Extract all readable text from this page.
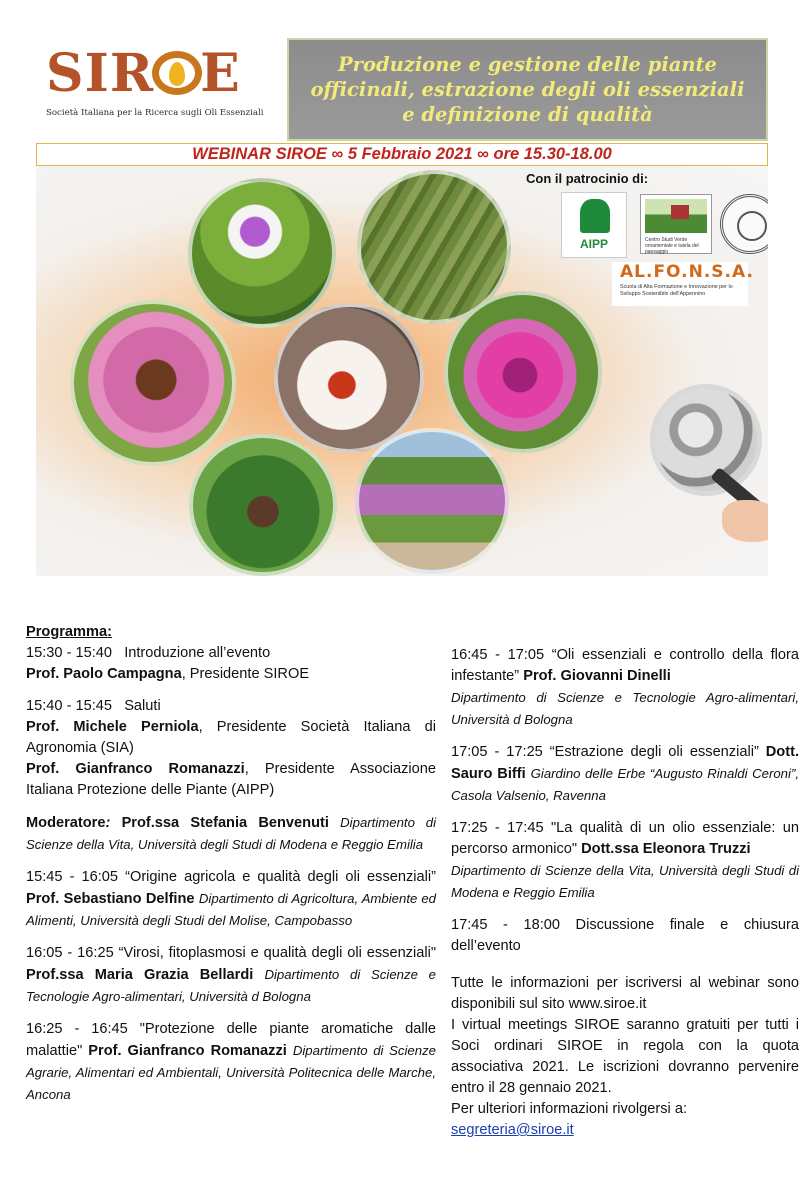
SIR E
Società Italiana per la Ricerca sugli Oli Essenziali
Produzione e gestione delle piante officinali, estrazione degli oli essenziali e definizione di qualità
WEBINAR SIROE ∞ 5 Febbraio 2021 ∞ ore 15.30-18.00
Con il patrocinio di:
AIPP	Centro Studi Verde ornamentale e tutela del paesaggio
AL.FO.N.S.A.
Scuola di Alta Formazione e Innovazione per lo Sviluppo Sostenibile dell'Appennino

Programma:

15:30 - 15:40 Introduzione all’evento
Prof. Paolo Campagna, Presidente SIROE
15:40 - 15:45 Saluti
Prof. Michele Perniola, Presidente Società Italiana di Agronomia (SIA)
Prof. Gianfranco Romanazzi, Presidente Associazione Italiana Protezione delle Piante (AIPP)
Moderatore: Prof.ssa Stefania Benvenuti Dipartimento di Scienze della Vita, Università degli Studi di Modena e Reggio Emilia
15:45 - 16:05 “Origine agricola e qualità degli oli essenziali” Prof. Sebastiano Delfine Dipartimento di Agricoltura, Ambiente ed Alimenti, Università degli Studi del Molise, Campobasso
16:05 - 16:25 “Virosi, fitoplasmosi e qualità degli oli essenziali" Prof.ssa Maria Grazia Bellardi Dipartimento di Scienze e Tecnologie Agro-alimentari, Università d Bologna
16:25 - 16:45 "Protezione delle piante aromatiche dalle malattie" Prof. Gianfranco Romanazzi Dipartimento di Scienze Agrarie, Alimentari ed Ambientali, Università Politecnica delle Marche, Ancona
16:45 - 17:05 “Oli essenziali e controllo della flora infestante” Prof. Giovanni Dinelli
Dipartimento di Scienze e Tecnologie Agro-alimentari, Università d Bologna
17:05 - 17:25 “Estrazione degli oli essenziali” Dott. Sauro Biffi Giardino delle Erbe “Augusto Rinaldi Ceroni”, Casola Valsenio, Ravenna
17:25 - 17:45 "La qualità di un olio essenziale: un percorso armonico" Dott.ssa Eleonora Truzzi
Dipartimento di Scienze della Vita, Università degli Studi di Modena e Reggio Emilia
17:45 - 18:00 Discussione finale e chiusura dell’evento
Tutte le informazioni per iscriversi al webinar sono disponibili sul sito www.siroe.it
I virtual meetings SIROE saranno gratuiti per tutti i Soci ordinari SIROE in regola con la quota associativa 2021. Le iscrizioni dovranno pervenire entro il 28 gennaio 2021.
Per ulteriori informazioni rivolgersi a:
segreteria@siroe.it
